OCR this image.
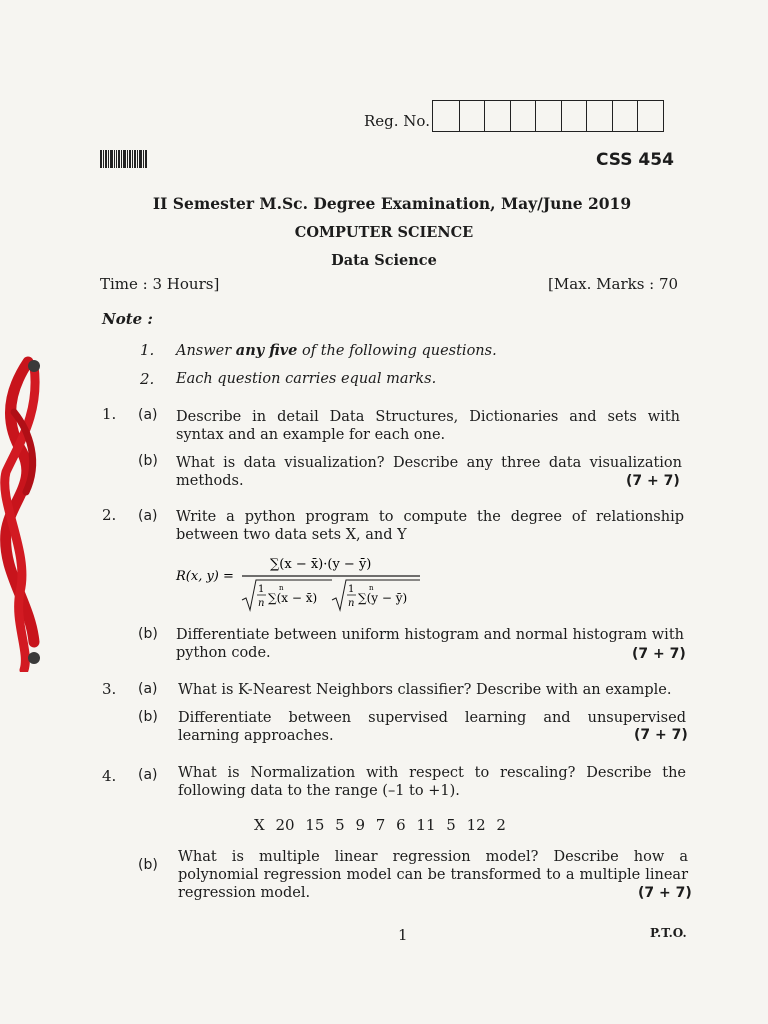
Reg. No.
CSS 454
II Semester M.Sc. Degree Examination, May/June 2019
COMPUTER SCIENCE
Data Science
Time : 3 Hours]	[Max. Marks : 70
Note :
1. Answer any five of the following questions.
2. Each question carries equal marks.
1. (a) Describe in detail Data Structures, Dictionaries and sets with syntax and an example for each one.
(b) What is data visualization? Describe any three data visualization methods.	(7 + 7)
2. (a) Write a python program to compute the degree of relationship between two data sets X, and Y
R(x, y) =
∑(x − x̄)·(y − ȳ)
1
n ∑(x − x̄)
n	1
n ∑(y − ȳ)
n
(b) Differentiate between uniform histogram and normal histogram with python code.	(7 + 7)
3. (a) What is K-Nearest Neighbors classifier? Describe with an example.
(b) Differentiate between supervised learning and unsupervised learning approaches.	(7 + 7)
4. (a) What is Normalization with respect to rescaling? Describe the following data to the range (–1 to +1).
X 20 15 5 9 7 6 11 5 12 2
(b) What is multiple linear regression model? Describe how a polynomial regression model can be transformed to a multiple linear regression model.	(7 + 7)
1	P.T.O.
